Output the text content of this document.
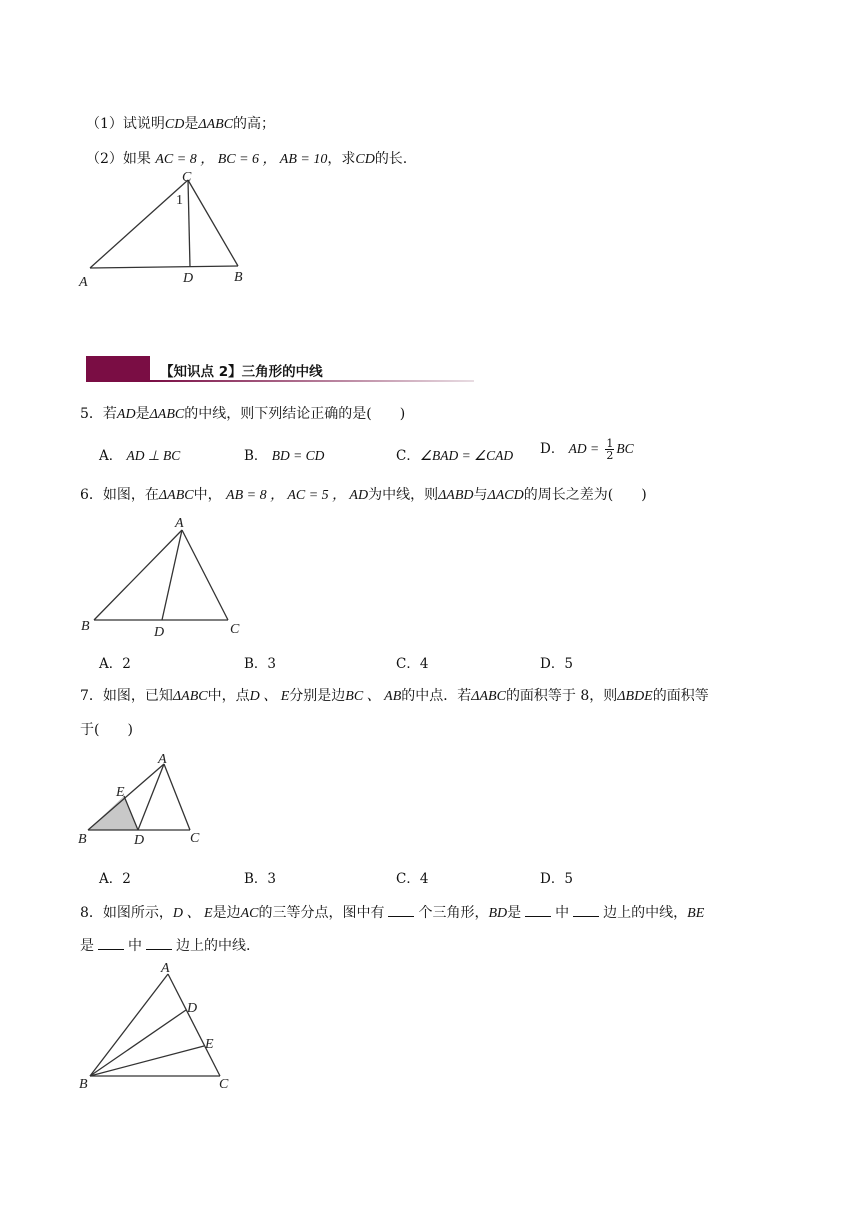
（1）试说明CD是ΔABC的高；
（2）如果 AC = 8 ， BC = 6 ， AB = 10，求CD的长.
C
1
A	D	B
【知识点 2】三角形的中线
5．若AD是ΔABC的中线，则下列结论正确的是(　　)
A． AD ⊥ BC	B． BD = CD	C．∠BAD = ∠CAD D． AD = $\frac{1}{2}$ BC
6．如图，在ΔABC中， AB = 8 ， AC = 5 ， AD为中线，则ΔABD与ΔACD的周长之差为(　　)
A
B	D	C
A．2	B．3	C．4	D．5
7．如图，已知ΔABC中，点D 、 E分别是边BC 、 AB的中点．若ΔABC的面积等于 8，则ΔBDE的面积等
于(　　)
A
E
B	D	C
A．2	B．3	C．4	D．5
8．如图所示，D 、 E是边AC的三等分点，图中有 个三角形，BD是 中 边上的中线，BE
是 中 边上的中线.
A
D
E
B	C
